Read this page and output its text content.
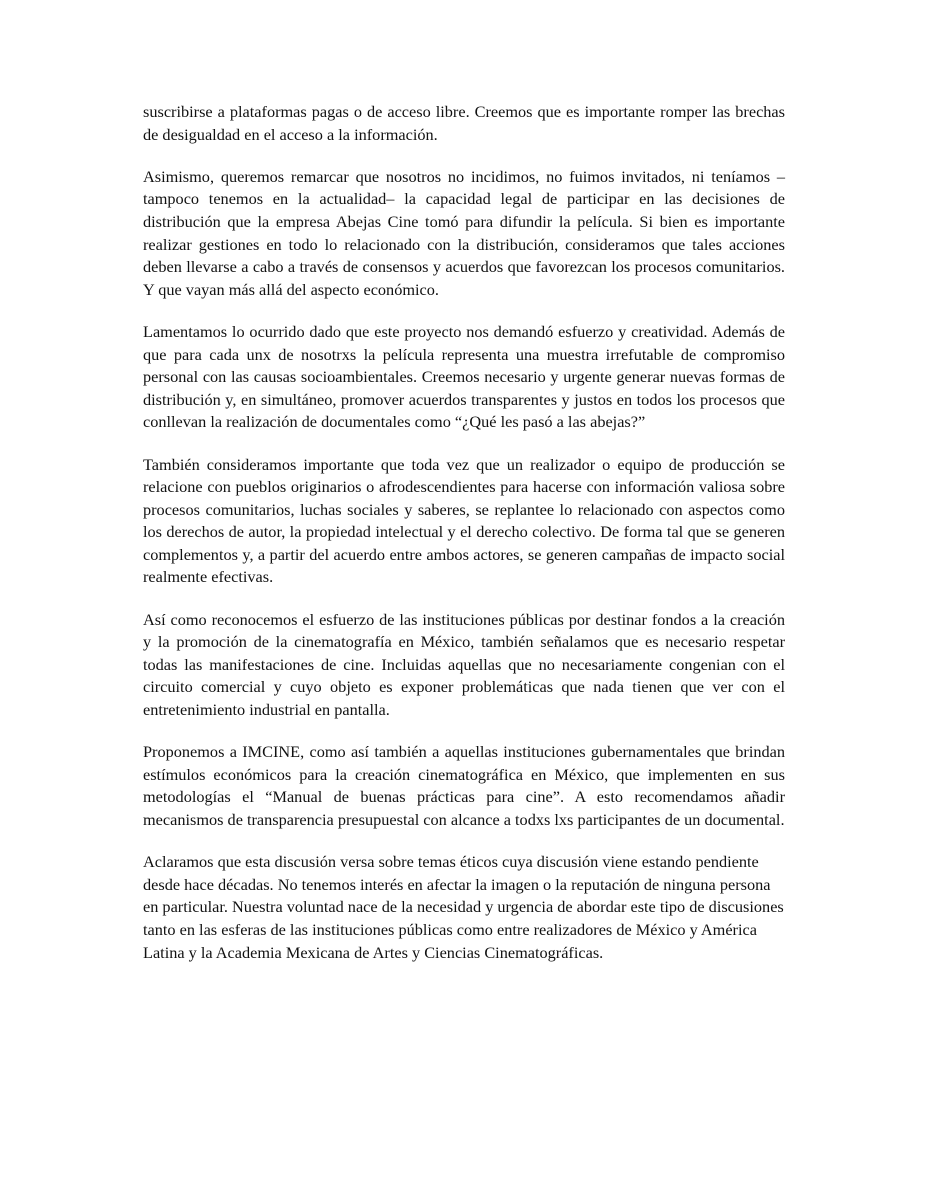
suscribirse a plataformas pagas o de acceso libre. Creemos que es importante romper las brechas de desigualdad en el acceso a la información.

Asimismo, queremos remarcar que nosotros no incidimos, no fuimos invitados, ni teníamos –tampoco tenemos en la actualidad– la capacidad legal de participar en las decisiones de distribución que la empresa Abejas Cine tomó para difundir la película. Si bien es importante realizar gestiones en todo lo relacionado con la distribución, consideramos que tales acciones deben llevarse a cabo a través de consensos y acuerdos que favorezcan los procesos comunitarios. Y que vayan más allá del aspecto económico.

Lamentamos lo ocurrido dado que este proyecto nos demandó esfuerzo y creatividad. Además de que para cada unx de nosotrxs la película representa una muestra irrefutable de compromiso personal con las causas socioambientales. Creemos necesario y urgente generar nuevas formas de distribución y, en simultáneo, promover acuerdos transparentes y justos en todos los procesos que conllevan la realización de documentales como “¿Qué les pasó a las abejas?”

También consideramos importante que toda vez que un realizador o equipo de producción se relacione con pueblos originarios o afrodescendientes para hacerse con información valiosa sobre procesos comunitarios, luchas sociales y saberes, se replantee lo relacionado con aspectos como los derechos de autor, la propiedad intelectual y el derecho colectivo. De forma tal que se generen complementos y, a partir del acuerdo entre ambos actores, se generen campañas de impacto social realmente efectivas.

Así como reconocemos el esfuerzo de las instituciones públicas por destinar fondos a la creación y la promoción de la cinematografía en México, también señalamos que es necesario respetar todas las manifestaciones de cine. Incluidas aquellas que no necesariamente congenian con el circuito comercial y cuyo objeto es exponer problemáticas que nada tienen que ver con el entretenimiento industrial en pantalla.

Proponemos a IMCINE, como así también a aquellas instituciones gubernamentales que brindan estímulos económicos para la creación cinematográfica en México, que implementen en sus metodologías el “Manual de buenas prácticas para cine”. A esto recomendamos añadir mecanismos de transparencia presupuestal con alcance a todxs lxs participantes de un documental.

Aclaramos que esta discusión versa sobre temas éticos cuya discusión viene estando pendiente desde hace décadas. No tenemos interés en afectar la imagen o la reputación de ninguna persona en particular. Nuestra voluntad nace de la necesidad y urgencia de abordar este tipo de discusiones tanto en las esferas de las instituciones públicas como entre realizadores de México y América Latina y la Academia Mexicana de Artes y Ciencias Cinematográficas.
